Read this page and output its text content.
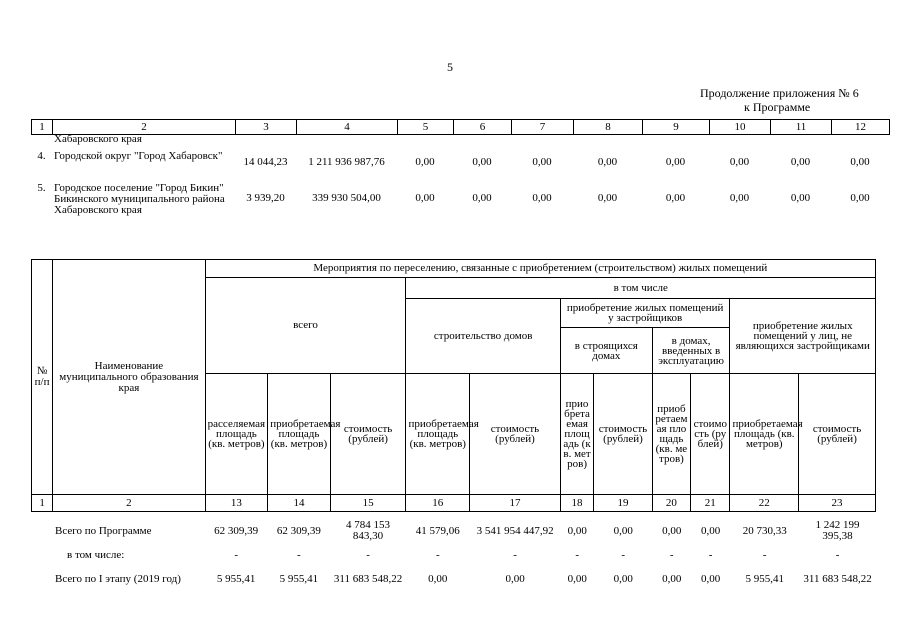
5
Продолжение приложения № 6
к Программе
1	2	3	4	5	6	7	8	9	10	11	12
	Хабаровского края										
4.	Городской округ "Город Хабаровск"	14 044,23	1 211 936 987,76	0,00	0,00	0,00	0,00	0,00	0,00	0,00	0,00
5.	Городское поселение "Город Бикин" Бикинского муниципального района Хабаровского края	3 939,20	339 930 504,00	0,00	0,00	0,00	0,00	0,00	0,00	0,00	0,00
№ п/п	Наименование муниципального образования края	Мероприятия по переселению, связанные с приобретением (строительством) жилых помещений										
		всего			в том числе							
					строительство домов		приобретение жилых помещений у застройщиков				приобретение жилых помещений у лиц, не являющихся застройщиками	
							в строящихся домах		в домах, введенных в эксплуатацию			
		расселяемая площадь (кв. метров)	приобретаемая площадь (кв. метров)	стоимость (рублей)	приобретаемая площадь (кв. метров)	стоимость (рублей)	приобретаемая площадь (кв. метров)	стоимость (рублей)	приобретаемая площадь (кв. метров)	стоимость (рублей)	приобретаемая площадь (кв. метров)	стоимость (рублей)
1	2	13	14	15	16	17	18	19	20	21	22	23
Всего по Программе	62 309,39	62 309,39	4 784 153 843,30	41 579,06	3 541 954 447,92	0,00	0,00	0,00	0,00	20 730,33	1 242 199 395,38
в том числе:	-	-	-	-	-	-	-	-	-	-	-
Всего по I этапу (2019 год)	5 955,41	5 955,41	311 683 548,22	0,00	0,00	0,00	0,00	0,00	0,00	5 955,41	311 683 548,22
